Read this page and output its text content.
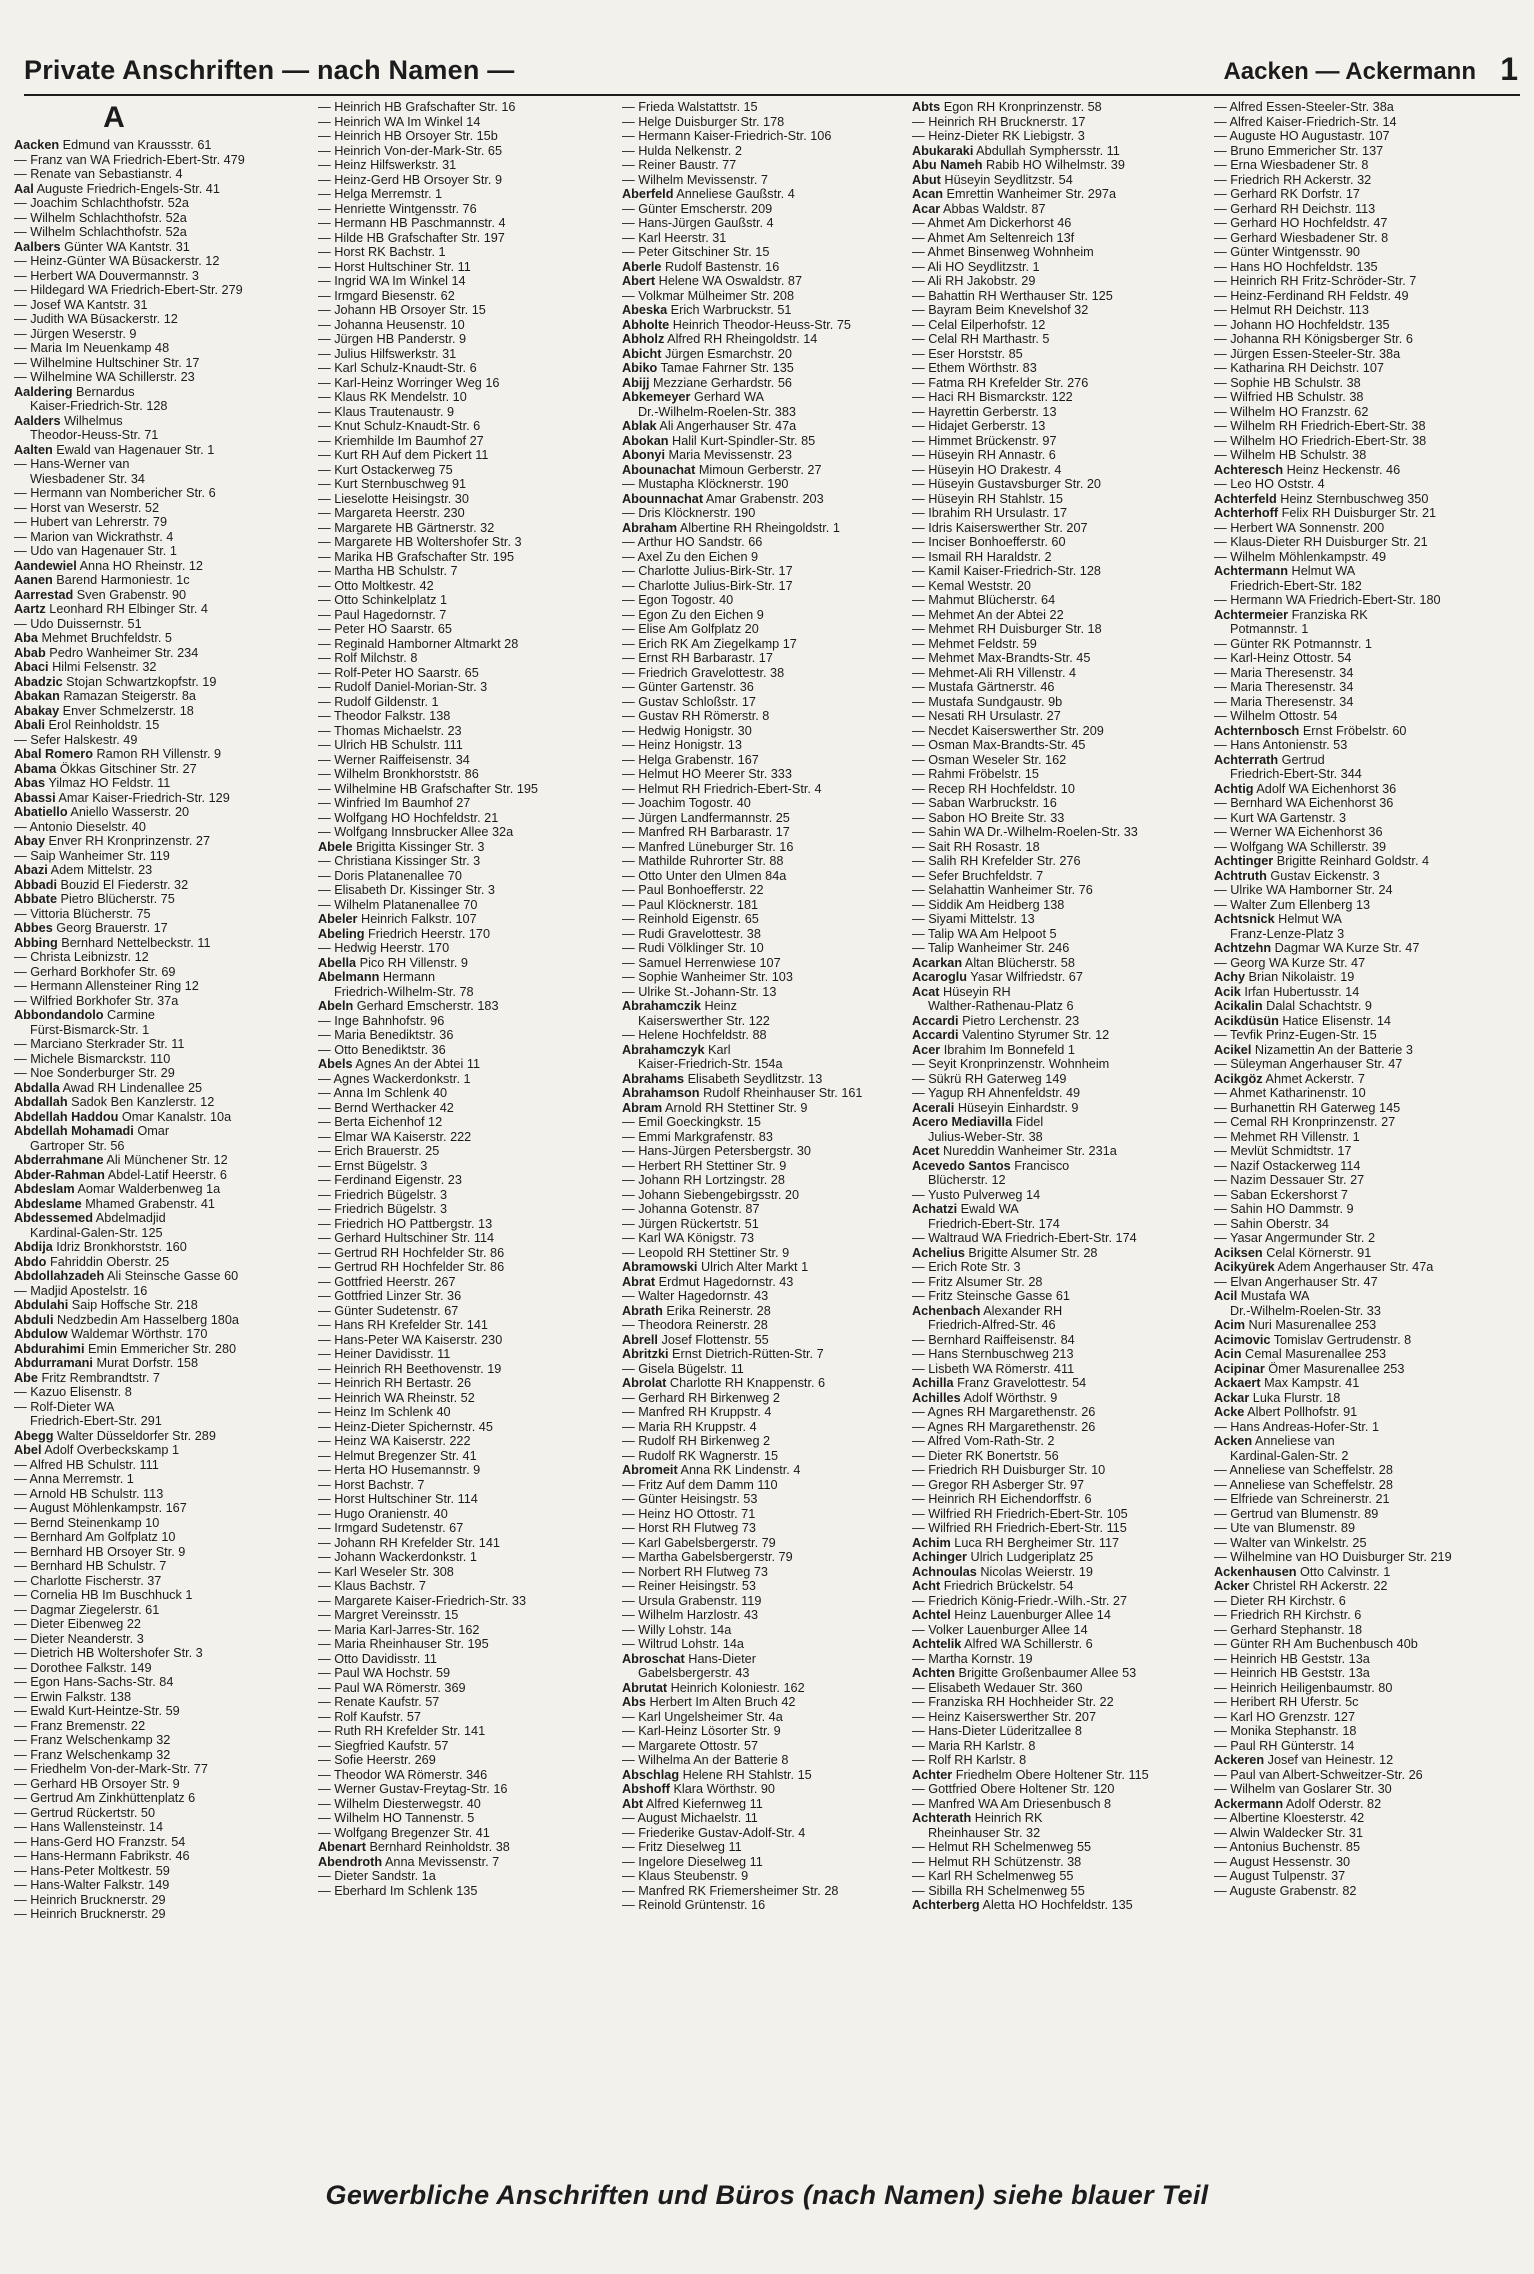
Private Anschriften — nach Namen —	Aacken — Ackermann 1
A
Aacken Edmund van Kraussstr. 61
— Franz van WA Friedrich-Ebert-Str. 479
— Renate van Sebastianstr. 4
Aal Auguste Friedrich-Engels-Str. 41
— Joachim Schlachthofstr. 52a
— Wilhelm Schlachthofstr. 52a
— Wilhelm Schlachthofstr. 52a
Aalbers Günter WA Kantstr. 31
— Heinz-Günter WA Büsackerstr. 12
— Herbert WA Douvermannstr. 3
— Hildegard WA Friedrich-Ebert-Str. 279
— Josef WA Kantstr. 31
— Judith WA Büsackerstr. 12
— Jürgen Weserstr. 9
— Maria Im Neuenkamp 48
— Wilhelmine Hultschiner Str. 17
— Wilhelmine WA Schillerstr. 23
Aaldering Bernardus
Kaiser-Friedrich-Str. 128
Aalders Wilhelmus
Theodor-Heuss-Str. 71
Aalten Ewald van Hagenauer Str. 1
— Hans-Werner van
Wiesbadener Str. 34
— Hermann van Nombericher Str. 6
— Horst van Weserstr. 52
— Hubert van Lehrerstr. 79
— Marion van Wickrathstr. 4
— Udo van Hagenauer Str. 1
Aandewiel Anna HO Rheinstr. 12
Aanen Barend Harmoniestr. 1c
Aarrestad Sven Grabenstr. 90
Aartz Leonhard RH Elbinger Str. 4
— Udo Duissernstr. 51
Aba Mehmet Bruchfeldstr. 5
Abab Pedro Wanheimer Str. 234
Abaci Hilmi Felsenstr. 32
Abadzic Stojan Schwartzkopfstr. 19
Abakan Ramazan Steigerstr. 8a
Abakay Enver Schmelzerstr. 18
Abali Erol Reinholdstr. 15
— Sefer Halskestr. 49
Abal Romero Ramon RH Villenstr. 9
Abama Ökkas Gitschiner Str. 27
Abas Yilmaz HO Feldstr. 11
Abassi Amar Kaiser-Friedrich-Str. 129
Abatiello Aniello Wasserstr. 20
— Antonio Dieselstr. 40
Abay Enver RH Kronprinzenstr. 27
— Saip Wanheimer Str. 119
Abazi Adem Mittelstr. 23
Abbadi Bouzid El Fiederstr. 32
Abbate Pietro Blücherstr. 75
— Vittoria Blücherstr. 75
Abbes Georg Brauerstr. 17
Abbing Bernhard Nettelbeckstr. 11
— Christa Leibnizstr. 12
— Gerhard Borkhofer Str. 69
— Hermann Allensteiner Ring 12
— Wilfried Borkhofer Str. 37a
Abbondandolo Carmine
Fürst-Bismarck-Str. 1
— Marciano Sterkrader Str. 11
— Michele Bismarckstr. 110
— Noe Sonderburger Str. 29
Abdalla Awad RH Lindenallee 25
Abdallah Sadok Ben Kanzlerstr. 12
Abdellah Haddou Omar Kanalstr. 10a
Abdellah Mohamadi Omar
Gartroper Str. 56
Abderrahmane Ali Münchener Str. 12
Abder-Rahman Abdel-Latif Heerstr. 6
Abdeslam Aomar Walderbenweg 1a
Abdeslame Mhamed Grabenstr. 41
Abdessemed Abdelmadjid
Kardinal-Galen-Str. 125
Abdija Idriz Bronkhorststr. 160
Abdo Fahriddin Oberstr. 25
Abdollahzadeh Ali Steinsche Gasse 60
— Madjid Apostelstr. 16
Abdulahi Saip Hoffsche Str. 218
Abduli Nedzbedin Am Hasselberg 180a
Abdulow Waldemar Wörthstr. 170
Abdurahimi Emin Emmericher Str. 280
Abdurramani Murat Dorfstr. 158
Abe Fritz Rembrandtstr. 7
— Kazuo Elisenstr. 8
— Rolf-Dieter WA
Friedrich-Ebert-Str. 291
Abegg Walter Düsseldorfer Str. 289
Abel Adolf Overbeckskamp 1
— Alfred HB Schulstr. 111
— Anna Merremstr. 1
— Arnold HB Schulstr. 113
— August Möhlenkampstr. 167
— Bernd Steinenkamp 10
— Bernhard Am Golfplatz 10
— Bernhard HB Orsoyer Str. 9
— Bernhard HB Schulstr. 7
— Charlotte Fischerstr. 37
— Cornelia HB Im Buschhuck 1
— Dagmar Ziegelerstr. 61
— Dieter Eibenweg 22
— Dieter Neanderstr. 3
— Dietrich HB Woltershofer Str. 3
— Dorothee Falkstr. 149
— Egon Hans-Sachs-Str. 84
— Erwin Falkstr. 138
— Ewald Kurt-Heintze-Str. 59
— Franz Bremenstr. 22
— Franz Welschenkamp 32
— Franz Welschenkamp 32
— Friedhelm Von-der-Mark-Str. 77
— Gerhard HB Orsoyer Str. 9
— Gertrud Am Zinkhüttenplatz 6
— Gertrud Rückertstr. 50
— Hans Wallensteinstr. 14
— Hans-Gerd HO Franzstr. 54
— Hans-Hermann Fabrikstr. 46
— Hans-Peter Moltkestr. 59
— Hans-Walter Falkstr. 149
— Heinrich Brucknerstr. 29
— Heinrich Brucknerstr. 29
— Heinrich HB Grafschafter Str. 16
— Heinrich WA Im Winkel 14
— Heinrich HB Orsoyer Str. 15b
— Heinrich Von-der-Mark-Str. 65
— Heinz Hilfswerkstr. 31
— Heinz-Gerd HB Orsoyer Str. 9
— Helga Merremstr. 1
— Henriette Wintgensstr. 76
— Hermann HB Paschmannstr. 4
— Hilde HB Grafschafter Str. 197
— Horst RK Bachstr. 1
— Horst Hultschiner Str. 11
— Ingrid WA Im Winkel 14
— Irmgard Biesenstr. 62
— Johann HB Orsoyer Str. 15
— Johanna Heusenstr. 10
— Jürgen HB Panderstr. 9
— Julius Hilfswerkstr. 31
— Karl Schulz-Knaudt-Str. 6
— Karl-Heinz Worringer Weg 16
— Klaus RK Mendelstr. 10
— Klaus Trautenaustr. 9
— Knut Schulz-Knaudt-Str. 6
— Kriemhilde Im Baumhof 27
— Kurt RH Auf dem Pickert 11
— Kurt Ostackerweg 75
— Kurt Sternbuschweg 91
— Lieselotte Heisingstr. 30
— Margareta Heerstr. 230
— Margarete HB Gärtnerstr. 32
— Margarete HB Woltershofer Str. 3
— Marika HB Grafschafter Str. 195
— Martha HB Schulstr. 7
— Otto Moltkestr. 42
— Otto Schinkelplatz 1
— Paul Hagedornstr. 7
— Peter HO Saarstr. 65
— Reginald Hamborner Altmarkt 28
— Rolf Milchstr. 8
— Rolf-Peter HO Saarstr. 65
— Rudolf Daniel-Morian-Str. 3
— Rudolf Gildenstr. 1
— Theodor Falkstr. 138
— Thomas Michaelstr. 23
— Ulrich HB Schulstr. 111
— Werner Raiffeisenstr. 34
— Wilhelm Bronkhorststr. 86
— Wilhelmine HB Grafschafter Str. 195
— Winfried Im Baumhof 27
— Wolfgang HO Hochfeldstr. 21
— Wolfgang Innsbrucker Allee 32a
Abele Brigitta Kissinger Str. 3
— Christiana Kissinger Str. 3
— Doris Platanenallee 70
— Elisabeth Dr. Kissinger Str. 3
— Wilhelm Platanenallee 70
Abeler Heinrich Falkstr. 107
Abeling Friedrich Heerstr. 170
— Hedwig Heerstr. 170
Abella Pico RH Villenstr. 9
Abelmann Hermann
Friedrich-Wilhelm-Str. 78
Abeln Gerhard Emscherstr. 183
— Inge Bahnhofstr. 96
— Maria Benediktstr. 36
— Otto Benediktstr. 36
Abels Agnes An der Abtei 11
— Agnes Wackerdonkstr. 1
— Anna Im Schlenk 40
— Bernd Werthacker 42
— Berta Eichenhof 12
— Elmar WA Kaiserstr. 222
— Erich Brauerstr. 25
— Ernst Bügelstr. 3
— Ferdinand Eigenstr. 23
— Friedrich Bügelstr. 3
— Friedrich Bügelstr. 3
— Friedrich HO Pattbergstr. 13
— Gerhard Hultschiner Str. 114
— Gertrud RH Hochfelder Str. 86
— Gertrud RH Hochfelder Str. 86
— Gottfried Heerstr. 267
— Gottfried Linzer Str. 36
— Günter Sudetenstr. 67
— Hans RH Krefelder Str. 141
— Hans-Peter WA Kaiserstr. 230
— Heiner Davidisstr. 11
— Heinrich RH Beethovenstr. 19
— Heinrich RH Bertastr. 26
— Heinrich WA Rheinstr. 52
— Heinz Im Schlenk 40
— Heinz-Dieter Spichernstr. 45
— Heinz WA Kaiserstr. 222
— Helmut Bregenzer Str. 41
— Herta HO Husemannstr. 9
— Horst Bachstr. 7
— Horst Hultschiner Str. 114
— Hugo Oranienstr. 40
— Irmgard Sudetenstr. 67
— Johann RH Krefelder Str. 141
— Johann Wackerdonkstr. 1
— Karl Weseler Str. 308
— Klaus Bachstr. 7
— Margarete Kaiser-Friedrich-Str. 33
— Margret Vereinsstr. 15
— Maria Karl-Jarres-Str. 162
— Maria Rheinhauser Str. 195
— Otto Davidisstr. 11
— Paul WA Hochstr. 59
— Paul WA Römerstr. 369
— Renate Kaufstr. 57
— Rolf Kaufstr. 57
— Ruth RH Krefelder Str. 141
— Siegfried Kaufstr. 57
— Sofie Heerstr. 269
— Theodor WA Römerstr. 346
— Werner Gustav-Freytag-Str. 16
— Wilhelm Diesterwegstr. 40
— Wilhelm HO Tannenstr. 5
— Wolfgang Bregenzer Str. 41
Abenart Bernhard Reinholdstr. 38
Abendroth Anna Mevissenstr. 7
— Dieter Sandstr. 1a
— Eberhard Im Schlenk 135
— Frieda Walstattstr. 15
— Helge Duisburger Str. 178
— Hermann Kaiser-Friedrich-Str. 106
— Hulda Nelkenstr. 2
— Reiner Baustr. 77
— Wilhelm Mevissenstr. 7
Aberfeld Anneliese Gaußstr. 4
— Günter Emscherstr. 209
— Hans-Jürgen Gaußstr. 4
— Karl Heerstr. 31
— Peter Gitschiner Str. 15
Aberle Rudolf Bastenstr. 16
Abert Helene WA Oswaldstr. 87
— Volkmar Mülheimer Str. 208
Abeska Erich Warbruckstr. 51
Abholte Heinrich Theodor-Heuss-Str. 75
Abholz Alfred RH Rheingoldstr. 14
Abicht Jürgen Esmarchstr. 20
Abiko Tamae Fahrner Str. 135
Abijj Mezziane Gerhardstr. 56
Abkemeyer Gerhard WA
Dr.-Wilhelm-Roelen-Str. 383
Ablak Ali Angerhauser Str. 47a
Abokan Halil Kurt-Spindler-Str. 85
Abonyi Maria Mevissenstr. 23
Abounachat Mimoun Gerberstr. 27
— Mustapha Klöcknerstr. 190
Abounnachat Amar Grabenstr. 203
— Dris Klöcknerstr. 190
Abraham Albertine RH Rheingoldstr. 1
— Arthur HO Sandstr. 66
— Axel Zu den Eichen 9
— Charlotte Julius-Birk-Str. 17
— Charlotte Julius-Birk-Str. 17
— Egon Togostr. 40
— Egon Zu den Eichen 9
— Elise Am Golfplatz 20
— Erich RK Am Ziegelkamp 17
— Ernst RH Barbarastr. 17
— Friedrich Gravelottestr. 38
— Günter Gartenstr. 36
— Gustav Schloßstr. 17
— Gustav RH Römerstr. 8
— Hedwig Honigstr. 30
— Heinz Honigstr. 13
— Helga Grabenstr. 167
— Helmut HO Meerer Str. 333
— Helmut RH Friedrich-Ebert-Str. 4
— Joachim Togostr. 40
— Jürgen Landfermannstr. 25
— Manfred RH Barbarastr. 17
— Manfred Lüneburger Str. 16
— Mathilde Ruhrorter Str. 88
— Otto Unter den Ulmen 84a
— Paul Bonhoefferstr. 22
— Paul Klöcknerstr. 181
— Reinhold Eigenstr. 65
— Rudi Gravelottestr. 38
— Rudi Völklinger Str. 10
— Samuel Herrenwiese 107
— Sophie Wanheimer Str. 103
— Ulrike St.-Johann-Str. 13
Abrahamczik Heinz
Kaiserswerther Str. 122
— Helene Hochfeldstr. 88
Abrahamczyk Karl
Kaiser-Friedrich-Str. 154a
Abrahams Elisabeth Seydlitzstr. 13
Abrahamson Rudolf Rheinhauser Str. 161
Abram Arnold RH Stettiner Str. 9
— Emil Goeckingkstr. 15
— Emmi Markgrafenstr. 83
— Hans-Jürgen Petersbergstr. 30
— Herbert RH Stettiner Str. 9
— Johann RH Lortzingstr. 28
— Johann Siebengebirgsstr. 20
— Johanna Gotenstr. 87
— Jürgen Rückertstr. 51
— Karl WA Königstr. 73
— Leopold RH Stettiner Str. 9
Abramowski Ulrich Alter Markt 1
Abrat Erdmut Hagedornstr. 43
— Walter Hagedornstr. 43
Abrath Erika Reinerstr. 28
— Theodora Reinerstr. 28
Abrell Josef Flottenstr. 55
Abritzki Ernst Dietrich-Rütten-Str. 7
— Gisela Bügelstr. 11
Abrolat Charlotte RH Knappenstr. 6
— Gerhard RH Birkenweg 2
— Manfred RH Kruppstr. 4
— Maria RH Kruppstr. 4
— Rudolf RH Birkenweg 2
— Rudolf RK Wagnerstr. 15
Abromeit Anna RK Lindenstr. 4
— Fritz Auf dem Damm 110
— Günter Heisingstr. 53
— Heinz HO Ottostr. 71
— Horst RH Flutweg 73
— Karl Gabelsbergerstr. 79
— Martha Gabelsbergerstr. 79
— Norbert RH Flutweg 73
— Reiner Heisingstr. 53
— Ursula Grabenstr. 119
— Wilhelm Harzlostr. 43
— Willy Lohstr. 14a
— Wiltrud Lohstr. 14a
Abroschat Hans-Dieter
Gabelsbergerstr. 43
Abrutat Heinrich Koloniestr. 162
Abs Herbert Im Alten Bruch 42
— Karl Ungelsheimer Str. 4a
— Karl-Heinz Lösorter Str. 9
— Margarete Ottostr. 57
— Wilhelma An der Batterie 8
Abschlag Helene RH Stahlstr. 15
Abshoff Klara Wörthstr. 90
Abt Alfred Kiefernweg 11
— August Michaelstr. 11
— Friederike Gustav-Adolf-Str. 4
— Fritz Dieselweg 11
— Ingelore Dieselweg 11
— Klaus Steubenstr. 9
— Manfred RK Friemersheimer Str. 28
— Reinold Grüntenstr. 16
Abts Egon RH Kronprinzenstr. 58
— Heinrich RH Brucknerstr. 17
— Heinz-Dieter RK Liebigstr. 3
Abukaraki Abdullah Symphersstr. 11
Abu Nameh Rabib HO Wilhelmstr. 39
Abut Hüseyin Seydlitzstr. 54
Acan Emrettin Wanheimer Str. 297a
Acar Abbas Waldstr. 87
— Ahmet Am Dickerhorst 46
— Ahmet Am Seltenreich 13f
— Ahmet Binsenweg Wohnheim
— Ali HO Seydlitzstr. 1
— Ali RH Jakobstr. 29
— Bahattin RH Werthauser Str. 125
— Bayram Beim Knevelshof 32
— Celal Eilperhofstr. 12
— Celal RH Marthastr. 5
— Eser Horststr. 85
— Ethem Wörthstr. 83
— Fatma RH Krefelder Str. 276
— Haci RH Bismarckstr. 122
— Hayrettin Gerberstr. 13
— Hidajet Gerberstr. 13
— Himmet Brückenstr. 97
— Hüseyin RH Annastr. 6
— Hüseyin HO Drakestr. 4
— Hüseyin Gustavsburger Str. 20
— Hüseyin RH Stahlstr. 15
— Ibrahim RH Ursulastr. 17
— Idris Kaiserswerther Str. 207
— Inciser Bonhoefferstr. 60
— Ismail RH Haraldstr. 2
— Kamil Kaiser-Friedrich-Str. 128
— Kemal Weststr. 20
— Mahmut Blücherstr. 64
— Mehmet An der Abtei 22
— Mehmet RH Duisburger Str. 18
— Mehmet Feldstr. 59
— Mehmet Max-Brandts-Str. 45
— Mehmet-Ali RH Villenstr. 4
— Mustafa Gärtnerstr. 46
— Mustafa Sundgaustr. 9b
— Nesati RH Ursulastr. 27
— Necdet Kaiserswerther Str. 209
— Osman Max-Brandts-Str. 45
— Osman Weseler Str. 162
— Rahmi Fröbelstr. 15
— Recep RH Hochfeldstr. 10
— Saban Warbruckstr. 16
— Sabon HO Breite Str. 33
— Sahin WA Dr.-Wilhelm-Roelen-Str. 33
— Sait RH Rosastr. 18
— Salih RH Krefelder Str. 276
— Sefer Bruchfeldstr. 7
— Selahattin Wanheimer Str. 76
— Siddik Am Heidberg 138
— Siyami Mittelstr. 13
— Talip WA Am Helpoot 5
— Talip Wanheimer Str. 246
Acarkan Altan Blücherstr. 58
Acaroglu Yasar Wilfriedstr. 67
Acat Hüseyin RH
Walther-Rathenau-Platz 6
Accardi Pietro Lerchenstr. 23
Accardi Valentino Styrumer Str. 12
Acer Ibrahim Im Bonnefeld 1
— Seyit Kronprinzenstr. Wohnheim
— Sükrü RH Gaterweg 149
— Yagup RH Ahnenfeldstr. 49
Acerali Hüseyin Einhardstr. 9
Acero Mediavilla Fidel
Julius-Weber-Str. 38
Acet Nureddin Wanheimer Str. 231a
Acevedo Santos Francisco
Blücherstr. 12
— Yusto Pulverweg 14
Achatzi Ewald WA
Friedrich-Ebert-Str. 174
— Waltraud WA Friedrich-Ebert-Str. 174
Achelius Brigitte Alsumer Str. 28
— Erich Rote Str. 3
— Fritz Alsumer Str. 28
— Fritz Steinsche Gasse 61
Achenbach Alexander RH
Friedrich-Alfred-Str. 46
— Bernhard Raiffeisenstr. 84
— Hans Sternbuschweg 213
— Lisbeth WA Römerstr. 411
Achilla Franz Gravelottestr. 54
Achilles Adolf Wörthstr. 9
— Agnes RH Margarethenstr. 26
— Agnes RH Margarethenstr. 26
— Alfred Vom-Rath-Str. 2
— Dieter RK Bonertstr. 56
— Friedrich RH Duisburger Str. 10
— Gregor RH Asberger Str. 97
— Heinrich RH Eichendorffstr. 6
— Wilfried RH Friedrich-Ebert-Str. 105
— Wilfried RH Friedrich-Ebert-Str. 115
Achim Luca RH Bergheimer Str. 117
Achinger Ulrich Ludgeriplatz 25
Achnoulas Nicolas Weierstr. 19
Acht Friedrich Brückelstr. 54
— Friedrich König-Friedr.-Wilh.-Str. 27
Achtel Heinz Lauenburger Allee 14
— Volker Lauenburger Allee 14
Achtelik Alfred WA Schillerstr. 6
— Martha Kornstr. 19
Achten Brigitte Großenbaumer Allee 53
— Elisabeth Wedauer Str. 360
— Franziska RH Hochheider Str. 22
— Heinz Kaiserswerther Str. 207
— Hans-Dieter Lüderitzallee 8
— Maria RH Karlstr. 8
— Rolf RH Karlstr. 8
Achter Friedhelm Obere Holtener Str. 115
— Gottfried Obere Holtener Str. 120
— Manfred WA Am Driesenbusch 8
Achterath Heinrich RK
Rheinhauser Str. 32
— Helmut RH Schelmenweg 55
— Helmut RH Schützenstr. 38
— Karl RH Schelmenweg 55
— Sibilla RH Schelmenweg 55
Achterberg Aletta HO Hochfeldstr. 135
— Alfred Essen-Steeler-Str. 38a
— Alfred Kaiser-Friedrich-Str. 14
— Auguste HO Augustastr. 107
— Bruno Emmericher Str. 137
— Erna Wiesbadener Str. 8
— Friedrich RH Ackerstr. 32
— Gerhard RK Dorfstr. 17
— Gerhard RH Deichstr. 113
— Gerhard HO Hochfeldstr. 47
— Gerhard Wiesbadener Str. 8
— Günter Wintgensstr. 90
— Hans HO Hochfeldstr. 135
— Heinrich RH Fritz-Schröder-Str. 7
— Heinz-Ferdinand RH Feldstr. 49
— Helmut RH Deichstr. 113
— Johann HO Hochfeldstr. 135
— Johanna RH Königsberger Str. 6
— Jürgen Essen-Steeler-Str. 38a
— Katharina RH Deichstr. 107
— Sophie HB Schulstr. 38
— Wilfried HB Schulstr. 38
— Wilhelm HO Franzstr. 62
— Wilhelm RH Friedrich-Ebert-Str. 38
— Wilhelm HO Friedrich-Ebert-Str. 38
— Wilhelm HB Schulstr. 38
Achteresch Heinz Heckenstr. 46
— Leo HO Oststr. 4
Achterfeld Heinz Sternbuschweg 350
Achterhoff Felix RH Duisburger Str. 21
— Herbert WA Sonnenstr. 200
— Klaus-Dieter RH Duisburger Str. 21
— Wilhelm Möhlenkampstr. 49
Achtermann Helmut WA
Friedrich-Ebert-Str. 182
— Hermann WA Friedrich-Ebert-Str. 180
Achtermeier Franziska RK
Potmannstr. 1
— Günter RK Potmannstr. 1
— Karl-Heinz Ottostr. 54
— Maria Theresenstr. 34
— Maria Theresenstr. 34
— Maria Theresenstr. 34
— Wilhelm Ottostr. 54
Achternbosch Ernst Fröbelstr. 60
— Hans Antonienstr. 53
Achterrath Gertrud
Friedrich-Ebert-Str. 344
Achtig Adolf WA Eichenhorst 36
— Bernhard WA Eichenhorst 36
— Kurt WA Gartenstr. 3
— Werner WA Eichenhorst 36
— Wolfgang WA Schillerstr. 39
Achtinger Brigitte Reinhard Goldstr. 4
Achtruth Gustav Eickenstr. 3
— Ulrike WA Hamborner Str. 24
— Walter Zum Ellenberg 13
Achtsnick Helmut WA
Franz-Lenze-Platz 3
Achtzehn Dagmar WA Kurze Str. 47
— Georg WA Kurze Str. 47
Achy Brian Nikolaistr. 19
Acik Irfan Hubertusstr. 14
Acikalin Dalal Schachtstr. 9
Acikdüsün Hatice Elisenstr. 14
— Tevfik Prinz-Eugen-Str. 15
Acikel Nizamettin An der Batterie 3
— Süleyman Angerhauser Str. 47
Acikgöz Ahmet Ackerstr. 7
— Ahmet Katharinenstr. 10
— Burhanettin RH Gaterweg 145
— Cemal RH Kronprinzenstr. 27
— Mehmet RH Villenstr. 1
— Mevlüt Schmidtstr. 17
— Nazif Ostackerweg 114
— Nazim Dessauer Str. 27
— Saban Eckershorst 7
— Sahin HO Dammstr. 9
— Sahin Oberstr. 34
— Yasar Angermunder Str. 2
Aciksen Celal Körnerstr. 91
Acikyürek Adem Angerhauser Str. 47a
— Elvan Angerhauser Str. 47
Acil Mustafa WA
Dr.-Wilhelm-Roelen-Str. 33
Acim Nuri Masurenallee 253
Acimovic Tomislav Gertrudenstr. 8
Acin Cemal Masurenallee 253
Acipinar Ömer Masurenallee 253
Ackaert Max Kampstr. 41
Ackar Luka Flurstr. 18
Acke Albert Pollhofstr. 91
— Hans Andreas-Hofer-Str. 1
Acken Anneliese van
Kardinal-Galen-Str. 2
— Anneliese van Scheffelstr. 28
— Anneliese van Scheffelstr. 28
— Elfriede van Schreinerstr. 21
— Gertrud van Blumenstr. 89
— Ute van Blumenstr. 89
— Walter van Winkelstr. 25
— Wilhelmine van HO Duisburger Str. 219
Ackenhausen Otto Calvinstr. 1
Acker Christel RH Ackerstr. 22
— Dieter RH Kirchstr. 6
— Friedrich RH Kirchstr. 6
— Gerhard Stephanstr. 18
— Günter RH Am Buchenbusch 40b
— Heinrich HB Geststr. 13a
— Heinrich HB Geststr. 13a
— Heinrich Heiligenbaumstr. 80
— Heribert RH Uferstr. 5c
— Karl HO Grenzstr. 127
— Monika Stephanstr. 18
— Paul RH Günterstr. 14
Ackeren Josef van Heinestr. 12
— Paul van Albert-Schweitzer-Str. 26
— Wilhelm van Goslarer Str. 30
Ackermann Adolf Oderstr. 82
— Albertine Kloesterstr. 42
— Alwin Waldecker Str. 31
— Antonius Buchenstr. 85
— August Hessenstr. 30
— August Tulpenstr. 37
— Auguste Grabenstr. 82
Gewerbliche Anschriften und Büros (nach Namen) siehe blauer Teil
